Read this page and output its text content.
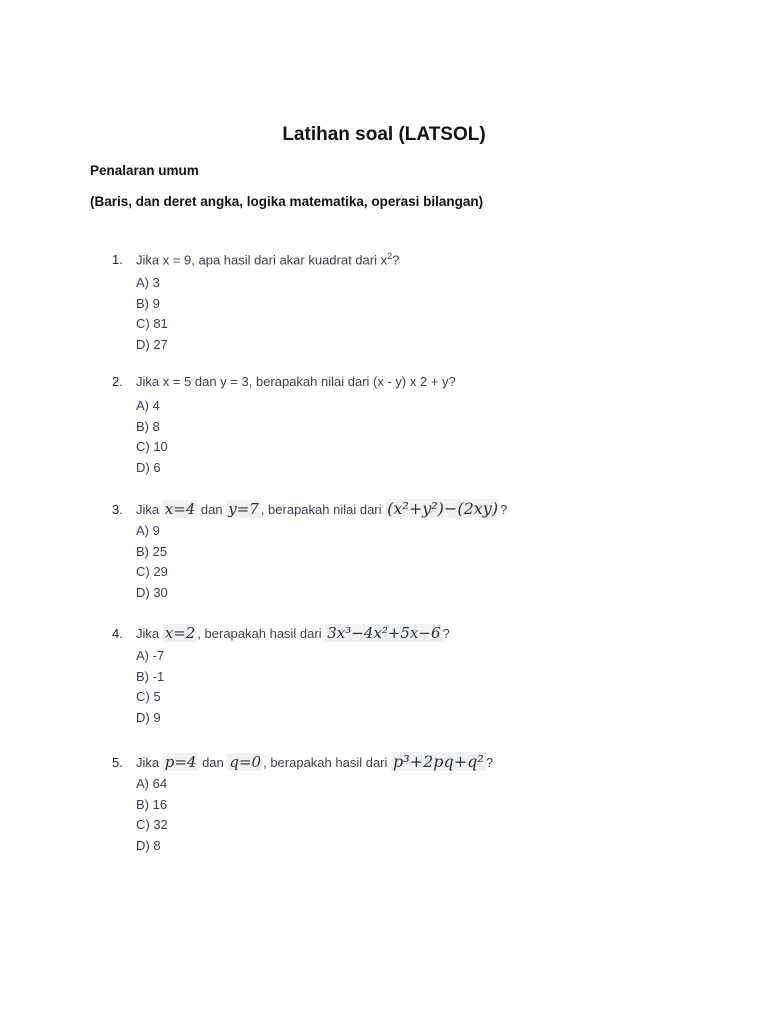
Latihan soal (LATSOL)
Penalaran umum
(Baris, dan deret angka, logika matematika, operasi bilangan)
1.	Jika x = 9, apa hasil dari akar kuadrat dari $x^2$?
A) 3
B) 9
C) 81
D) 27
2.	Jika x = 5 dan y = 3, berapakah nilai dari (x - y) x 2 + y?
A) 4
B) 8
C) 10
D) 6
3.	Jika x=4 dan y=7 , berapakah nilai dari (x²+y²)−(2xy) ?
A) 9
B) 25
C) 29
D) 30
4.	Jika x=2 , berapakah hasil dari 3x³−4x²+5x−6 ?
A) -7
B) -1
C) 5
D) 9
5.	Jika p=4 dan q=0 , berapakah hasil dari p³+2pq+q² ?
A) 64
B) 16
C) 32
D) 8
